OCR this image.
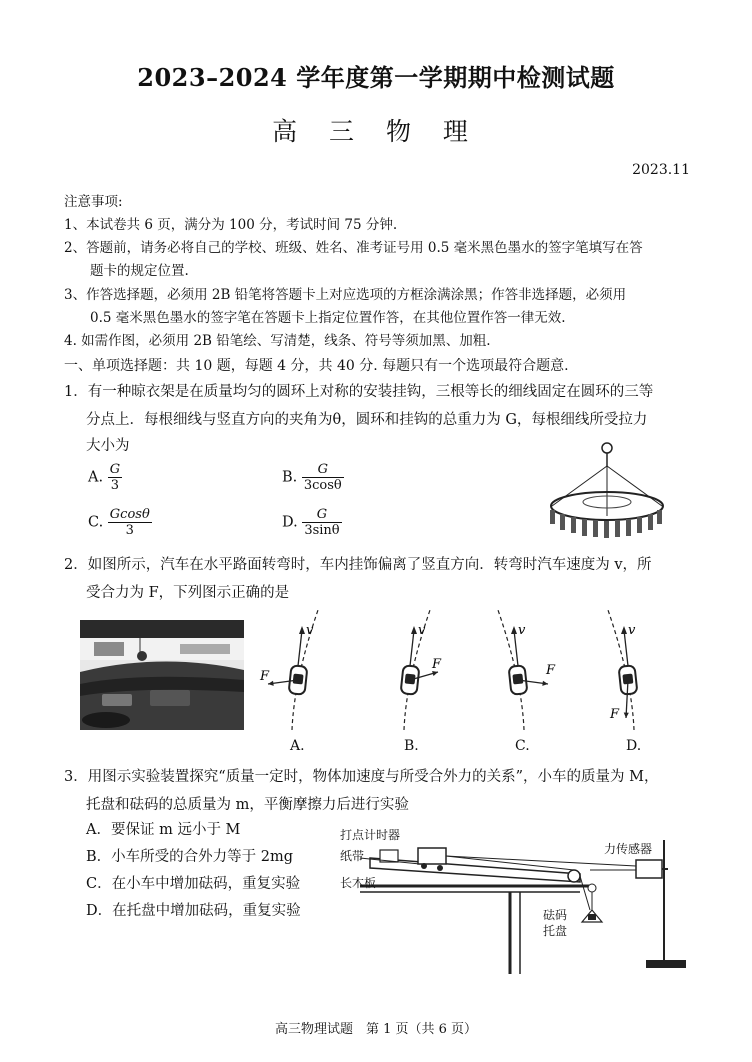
2023–2024 学年度第一学期期中检测试题
高 三 物 理
2023.11
注意事项:
1、本试卷共 6 页，满分为 100 分，考试时间 75 分钟.
2、答题前，请务必将自己的学校、班级、姓名、准考证号用 0.5 毫米黑色墨水的签字笔填写在答
题卡的规定位置.
3、作答选择题，必须用 2B 铅笔将答题卡上对应选项的方框涂满涂黑；作答非选择题，必须用
0.5 毫米黑色墨水的签字笔在答题卡上指定位置作答，在其他位置作答一律无效.
4. 如需作图，必须用 2B 铅笔绘、写清楚，线条、符号等须加黑、加粗.
一、单项选择题：共 10 题，每题 4 分，共 40 分. 每题只有一个选项最符合题意.
1．有一种晾衣架是在质量均匀的圆环上对称的安装挂钩，三根等长的细线固定在圆环的三等
分点上．每根细线与竖直方向的夹角为θ，圆环和挂钩的总重力为 G，每根细线所受拉力
大小为
A. $\frac{G}{3}$	B. $\frac{G}{3\cos\theta}$
C. $\frac{Gcos\theta}{3}$	D. $\frac{G}{3\sin\theta}$
2．如图所示，汽车在水平路面转弯时，车内挂饰偏离了竖直方向．转弯时汽车速度为 v，所
受合力为 F，下列图示正确的是
v
F
v
F
v
F
v
F
A.	B.	C.	D.
3．用图示实验装置探究“质量一定时，物体加速度与所受合外力的关系”，小车的质量为 M，
托盘和砝码的总质量为 m，平衡摩擦力后进行实验
A．要保证 m 远小于 M
B．小车所受的合外力等于 2mg
C．在小车中增加砝码，重复实验
D．在托盘中增加砝码，重复实验
打点计时器
纸带
长木板
力传感器
砝码
托盘
高三物理试题　第 1 页（共 6 页）
